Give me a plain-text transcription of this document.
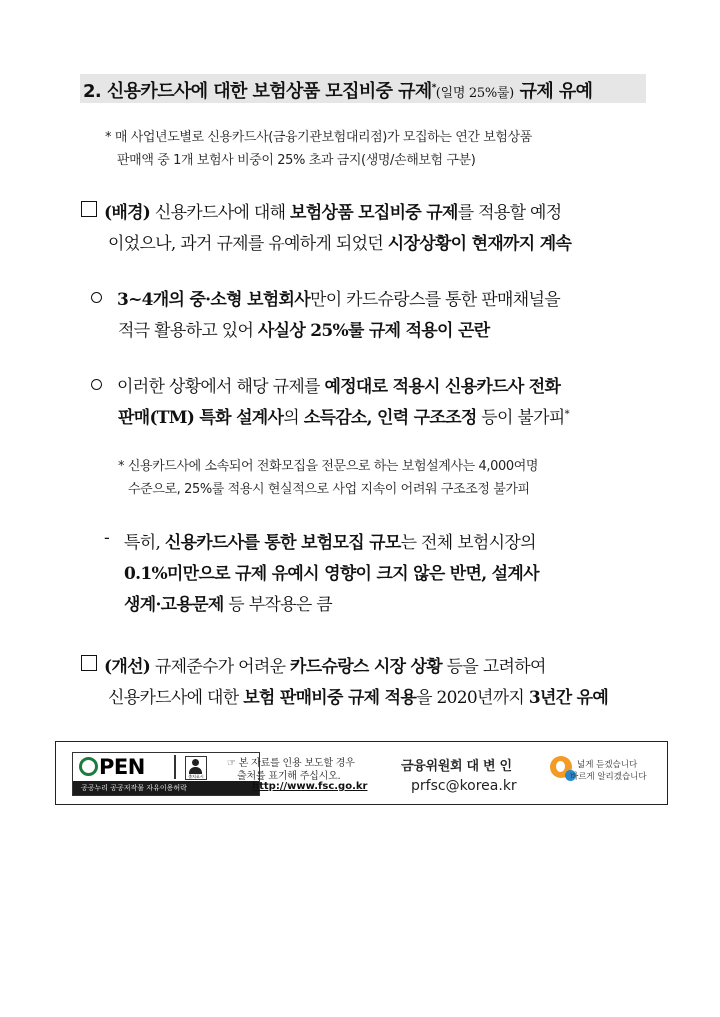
2. 신용카드사에 대한 보험상품 모집비중 규제*(일명 25%룰) 규제 유예
* 매 사업년도별로 신용카드사(금융기관보험대리점)가 모집하는 연간 보험상품
판매액 중 1개 보험사 비중이 25% 초과 금지(생명/손해보험 구분)
(배경) 신용카드사에 대해 보험상품 모집비중 규제를 적용할 예정
이었으나, 과거 규제를 유예하게 되었던 시장상황이 현재까지 계속
3~4개의 중·소형 보험회사만이 카드슈랑스를 통한 판매채널을
적극 활용하고 있어 사실상 25%룰 규제 적용이 곤란
이러한 상황에서 해당 규제를 예정대로 적용시 신용카드사 전화
판매(TM) 특화 설계사의 소득감소, 인력 구조조정 등이 불가피*
* 신용카드사에 소속되어 전화모집을 전문으로 하는 보험설계사는 4,000여명
수준으로, 25%룰 적용시 현실적으로 사업 지속이 어려워 구조조정 불가피
- 특히, 신용카드사를 통한 보험모집 규모는 전체 보험시장의
0.1%미만으로 규제 유예시 영향이 크지 않은 반면, 설계사
생계·고용문제 등 부작용은 큼
(개선) 규제준수가 어려운 카드슈랑스 시장 상황 등을 고려하여
신용카드사에 대한 보험 판매비중 규제 적용을 2020년까지 3년간 유예
PEN	출처표시
공공누리 공공저작물 자유이용허락
☞ 본 자료를 인용 보도할 경우
출처를 표기해 주십시오.
http://www.fsc.go.kr
금융위원회 대 변 인
prfsc@korea.kr
넓게 듣겠습니다
바르게 알리겠습니다
